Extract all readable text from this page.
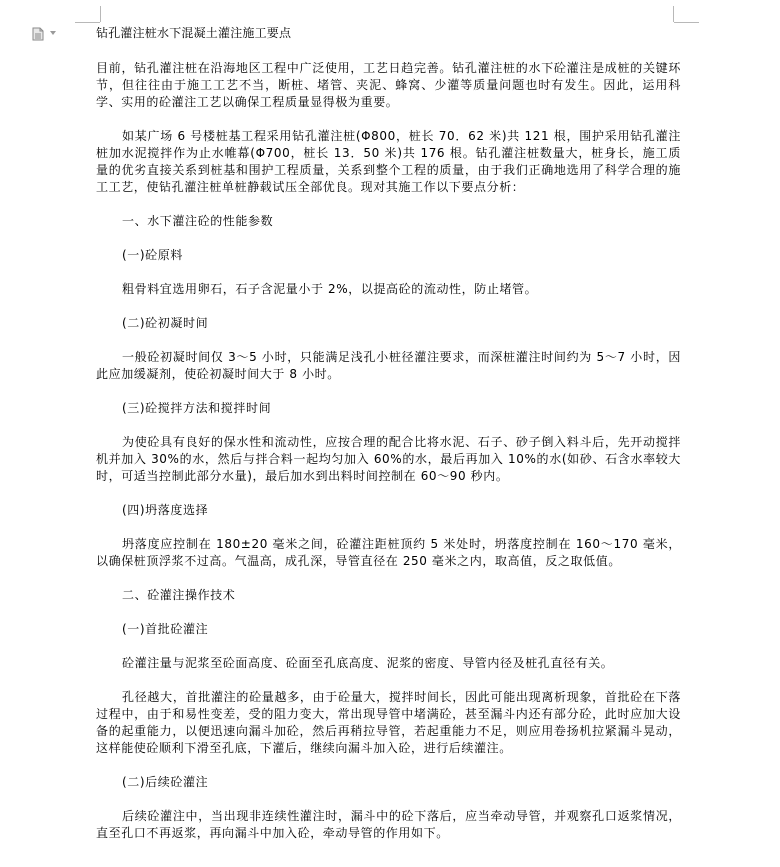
钻孔灌注桩水下混凝土灌注施工要点

目前，钻孔灌注桩在沿海地区工程中广泛使用，工艺日趋完善。钻孔灌注桩的水下砼灌注是成桩的关键环节，但往往由于施工工艺不当，断桩、堵管、夹泥、蜂窝、少灌等质量问题也时有发生。因此，运用科学、实用的砼灌注工艺以确保工程质量显得极为重要。

如某广场 6 号楼桩基工程采用钻孔灌注桩(Φ800，桩长 70．62 米)共 121 根，围护采用钻孔灌注桩加水泥搅拌作为止水帷幕(Φ700，桩长 13．50 米)共 176 根。钻孔灌注桩数量大，桩身长，施工质量的优劣直接关系到桩基和围护工程质量，关系到整个工程的质量，由于我们正确地选用了科学合理的施工工艺，使钻孔灌注桩单桩静载试压全部优良。现对其施工作以下要点分析：

一、水下灌注砼的性能参数

(一)砼原料

粗骨料宜选用卵石，石子含泥量小于 2%，以提高砼的流动性，防止堵管。

(二)砼初凝时间

一般砼初凝时间仅 3～5 小时，只能满足浅孔小桩径灌注要求，而深桩灌注时间约为 5～7 小时，因此应加缓凝剂，使砼初凝时间大于 8 小时。

(三)砼搅拌方法和搅拌时间

为使砼具有良好的保水性和流动性，应按合理的配合比将水泥、石子、砂子倒入料斗后，先开动搅拌机并加入 30%的水，然后与拌合料一起均匀加入 60%的水，最后再加入 10%的水(如砂、石含水率较大时，可适当控制此部分水量)，最后加水到出料时间控制在 60～90 秒内。

(四)坍落度选择

坍落度应控制在 180±20 毫米之间，砼灌注距桩顶约 5 米处时，坍落度控制在 160～170 毫米，以确保桩顶浮浆不过高。气温高，成孔深，导管直径在 250 毫米之内，取高值，反之取低值。

二、砼灌注操作技术

(一)首批砼灌注

砼灌注量与泥浆至砼面高度、砼面至孔底高度、泥浆的密度、导管内径及桩孔直径有关。

孔径越大，首批灌注的砼量越多，由于砼量大，搅拌时间长，因此可能出现离析现象，首批砼在下落过程中，由于和易性变差，受的阻力变大，常出现导管中堵满砼，甚至漏斗内还有部分砼，此时应加大设备的起重能力，以便迅速向漏斗加砼，然后再稍拉导管，若起重能力不足，则应用卷扬机拉紧漏斗晃动，这样能使砼顺利下滑至孔底，下灌后，继续向漏斗加入砼，进行后续灌注。

(二)后续砼灌注

后续砼灌注中，当出现非连续性灌注时，漏斗中的砼下落后，应当牵动导管，并观察孔口返浆情况，直至孔口不再返浆，再向漏斗中加入砼，牵动导管的作用如下。
